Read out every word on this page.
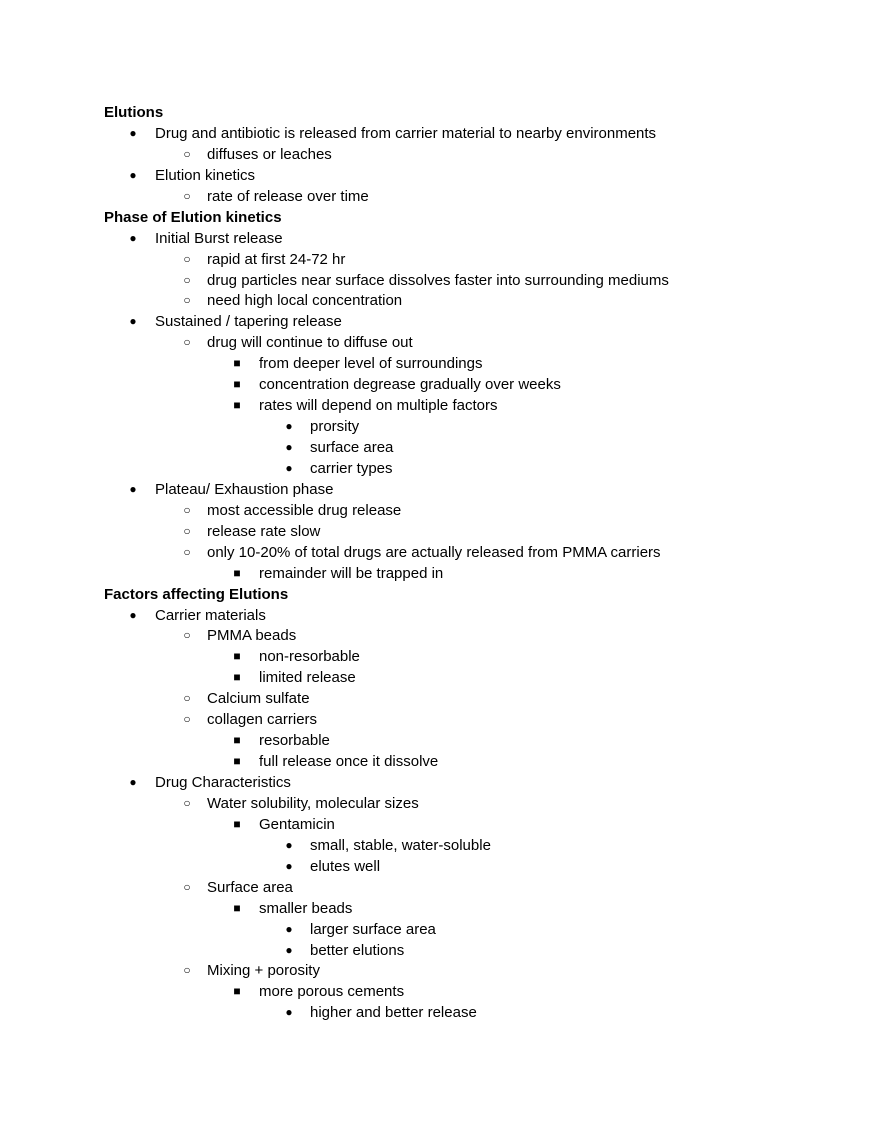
Elutions
● Drug and antibiotic is released from carrier material to nearby environments
○ diffuses or leaches
● Elution kinetics
○ rate of release over time
Phase of Elution kinetics
● Initial Burst release
○ rapid at first 24-72 hr
○ drug particles near surface dissolves faster into surrounding mediums
○ need high local concentration
● Sustained / tapering release
○ drug will continue to diffuse out
■ from deeper level of surroundings
■ concentration degrease gradually over weeks
■ rates will depend on multiple factors
● prorsity
● surface area
● carrier types
● Plateau/ Exhaustion phase
○ most accessible drug release
○ release rate slow
○ only 10-20% of total drugs are actually released from PMMA carriers
■ remainder will be trapped in
Factors affecting Elutions
● Carrier materials
○ PMMA beads
■ non-resorbable
■ limited release
○ Calcium sulfate
○ collagen carriers
■ resorbable
■ full release once it dissolve
● Drug Characteristics
○ Water solubility, molecular sizes
■ Gentamicin
● small, stable, water-soluble
● elutes well
○ Surface area
■ smaller beads
● larger surface area
● better elutions
○ Mixing + porosity
■ more porous cements
● higher and better release
